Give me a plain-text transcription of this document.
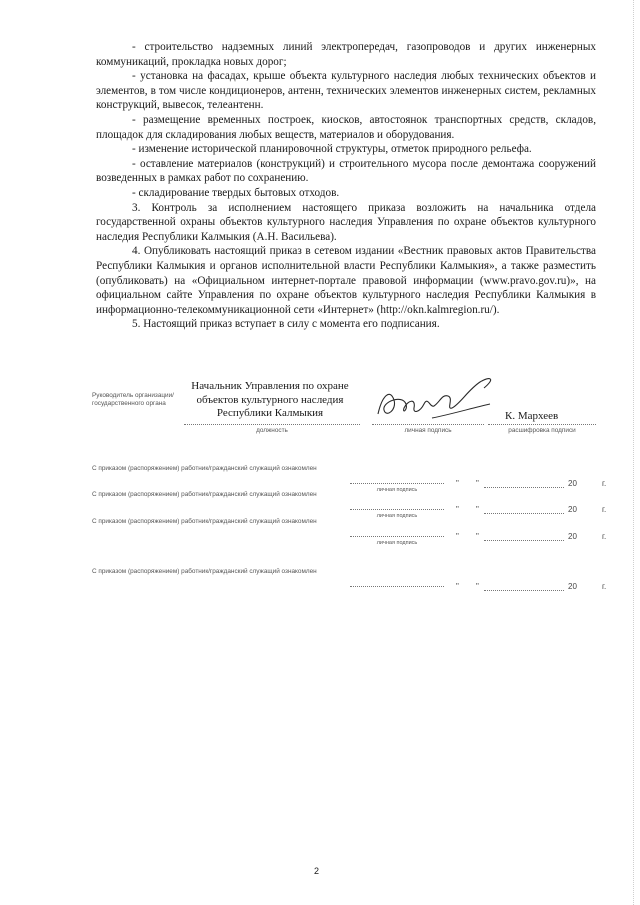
- строительство надземных линий электропередач, газопроводов и других инженерных коммуникаций, прокладка новых дорог;

- установка на фасадах, крыше объекта культурного наследия любых технических объектов и элементов, в том числе кондиционеров, антенн, технических элементов инженерных систем, рекламных конструкций, вывесок, телеантенн.

- размещение временных построек, киосков, автостоянок транспортных средств, складов, площадок для складирования любых веществ, материалов и оборудования.

- изменение исторической планировочной структуры, отметок природного рельефа.

- оставление материалов (конструкций) и строительного мусора после демонтажа сооружений возведенных в рамках работ по сохранению.

- складирование твердых бытовых отходов.

3. Контроль за исполнением настоящего приказа возложить на начальника отдела государственной охраны объектов культурного наследия Управления по охране объектов культурного наследия Республики Калмыкия (А.Н. Васильева).

4. Опубликовать настоящий приказ в сетевом издании «Вестник правовых актов Правительства Республики Калмыкия и органов исполнительной власти Республики Калмыкия», а также разместить (опубликовать) на «Официальном интернет-портале правовой информации (www.pravo.gov.ru)», на официальном сайте Управления по охране объектов культурного наследия Республики Калмыкия в информационно-телекоммуникационной сети «Интернет» (http://okn.kalmregion.ru/).

5. Настоящий приказ вступает в силу с момента его подписания.

Руководитель организации/государственного органа
Начальник Управления по охране объектов культурного наследия Республики Калмыкия
должность	личная подпись
К. Мархеев
расшифровка подписи
С приказом (распоряжением) работник/гражданский служащий ознакомлен
личная подпись
" "	20	г.
С приказом (распоряжением) работник/гражданский служащий ознакомлен
личная подпись
" "	20	г.
С приказом (распоряжением) работник/гражданский служащий ознакомлен
личная подпись
" "	20	г.
С приказом (распоряжением) работник/гражданский служащий ознакомлен
" "	20	г.
2
